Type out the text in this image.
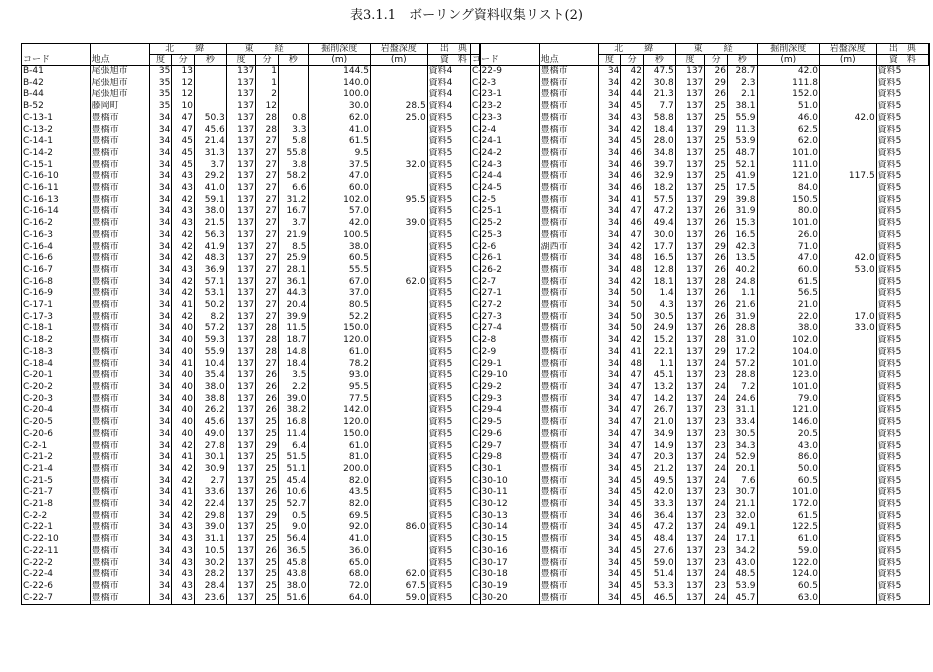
表3.1.1　ボーリング資料収集リスト(2)
コード	地点	北　緯			東　経			掘削深度	岩盤深度	出　典
		度	分	秒	度	分	秒	(m)	(m)	資　料
B-41	尾張旭市	35	13		137	1		144.5		資料4
B-42	尾張旭市	35	12		137	1		140.0		資料4
B-44	尾張旭市	35	12		137	2		100.0		資料4
B-52	藤岡町	35	10		137	12		30.0	28.5	資料4
C-13-1	豊橋市	34	47	50.3	137	28	0.8	62.0	25.0	資料5
C-13-2	豊橋市	34	47	45.6	137	28	3.3	41.0		資料5
C-14-1	豊橋市	34	45	21.4	137	27	5.8	61.5		資料5
C-14-2	豊橋市	34	45	31.3	137	27	55.8	9.5		資料5
C-15-1	豊橋市	34	45	3.7	137	27	3.8	37.5	32.0	資料5
C-16-10	豊橋市	34	43	29.2	137	27	58.2	47.0		資料5
C-16-11	豊橋市	34	43	41.0	137	27	6.6	60.0		資料5
C-16-13	豊橋市	34	42	59.1	137	27	31.2	102.0	95.5	資料5
C-16-14	豊橋市	34	43	38.0	137	27	16.7	57.0		資料5
C-16-2	豊橋市	34	43	21.5	137	27	3.7	42.0	39.0	資料5
C-16-3	豊橋市	34	42	56.3	137	27	21.9	100.5		資料5
C-16-4	豊橋市	34	42	41.9	137	27	8.5	38.0		資料5
C-16-6	豊橋市	34	42	48.3	137	27	25.9	60.5		資料5
C-16-7	豊橋市	34	43	36.9	137	27	28.1	55.5		資料5
C-16-8	豊橋市	34	42	57.1	137	27	36.1	67.0	62.0	資料5
C-16-9	豊橋市	34	42	53.1	137	27	44.3	37.0		資料5
C-17-1	豊橋市	34	41	50.2	137	27	20.4	80.5		資料5
C-17-3	豊橋市	34	42	8.2	137	27	39.9	52.2		資料5
C-18-1	豊橋市	34	40	57.2	137	28	11.5	150.0		資料5
C-18-2	豊橋市	34	40	59.3	137	28	18.7	120.0		資料5
C-18-3	豊橋市	34	40	55.9	137	28	14.8	61.0		資料5
C-18-4	豊橋市	34	41	10.4	137	27	18.4	78.2		資料5
C-20-1	豊橋市	34	40	35.4	137	26	3.5	93.0		資料5
C-20-2	豊橋市	34	40	38.0	137	26	2.2	95.5		資料5
C-20-3	豊橋市	34	40	38.8	137	26	39.0	77.5		資料5
C-20-4	豊橋市	34	40	26.2	137	26	38.2	142.0		資料5
C-20-5	豊橋市	34	40	45.6	137	25	16.8	120.0		資料5
C-20-6	豊橋市	34	40	49.0	137	25	11.4	150.0		資料5
C-2-1	豊橋市	34	42	27.8	137	29	6.4	61.0		資料5
C-21-2	豊橋市	34	41	30.1	137	25	51.5	81.0		資料5
C-21-4	豊橋市	34	42	30.9	137	25	51.1	200.0		資料5
C-21-5	豊橋市	34	42	2.7	137	25	45.4	82.0		資料5
C-21-7	豊橋市	34	41	33.6	137	26	10.6	43.5		資料5
C-21-8	豊橋市	34	42	22.4	137	25	52.7	82.0		資料5
C-2-2	豊橋市	34	42	29.8	137	29	0.5	69.5		資料5
C-22-1	豊橋市	34	43	39.0	137	25	9.0	92.0	86.0	資料5
C-22-10	豊橋市	34	43	31.1	137	25	56.4	41.0		資料5
C-22-11	豊橋市	34	43	10.5	137	26	36.5	36.0		資料5
C-22-2	豊橋市	34	43	30.2	137	25	45.8	65.0		資料5
C-22-4	豊橋市	34	43	28.2	137	25	43.8	68.0	62.0	資料5
C-22-6	豊橋市	34	43	28.4	137	25	38.0	72.0	67.5	資料5
C-22-7	豊橋市	34	43	23.6	137	25	51.6	64.0	59.0	資料5
コード	地点	北　緯			東　経			掘削深度	岩盤深度	出　典
		度	分	秒	度	分	秒	(m)	(m)	資　料
C-22-9	豊橋市	34	42	47.5	137	26	28.7	42.0		資料5
C-2-3	豊橋市	34	42	30.8	137	29	2.3	111.8		資料5
C-23-1	豊橋市	34	44	21.3	137	26	2.1	152.0		資料5
C-23-2	豊橋市	34	45	7.7	137	25	38.1	51.0		資料5
C-23-3	豊橋市	34	43	58.8	137	25	55.9	46.0	42.0	資料5
C-2-4	豊橋市	34	42	18.4	137	29	11.3	62.5		資料5
C-24-1	豊橋市	34	45	28.0	137	25	53.9	62.0		資料5
C-24-2	豊橋市	34	46	34.8	137	25	48.7	101.0		資料5
C-24-3	豊橋市	34	46	39.7	137	25	52.1	111.0		資料5
C-24-4	豊橋市	34	46	32.9	137	25	41.9	121.0	117.5	資料5
C-24-5	豊橋市	34	46	18.2	137	25	17.5	84.0		資料5
C-2-5	豊橋市	34	41	57.5	137	29	39.8	150.5		資料5
C-25-1	豊橋市	34	47	47.2	137	26	31.9	80.0		資料5
C-25-2	豊橋市	34	46	49.4	137	26	15.3	101.0		資料5
C-25-3	豊橋市	34	47	30.0	137	26	16.5	26.0		資料5
C-2-6	湖西市	34	42	17.7	137	29	42.3	71.0		資料5
C-26-1	豊橋市	34	48	16.5	137	26	13.5	47.0	42.0	資料5
C-26-2	豊橋市	34	48	12.8	137	26	40.2	60.0	53.0	資料5
C-2-7	豊橋市	34	42	18.1	137	28	24.8	61.5		資料5
C-27-1	豊橋市	34	50	1.4	137	26	1.1	56.5		資料5
C-27-2	豊橋市	34	50	4.3	137	26	21.6	21.0		資料5
C-27-3	豊橋市	34	50	30.5	137	26	31.9	22.0	17.0	資料5
C-27-4	豊橋市	34	50	24.9	137	26	28.8	38.0	33.0	資料5
C-2-8	豊橋市	34	42	15.2	137	28	31.0	102.0		資料5
C-2-9	豊橋市	34	41	22.1	137	29	17.2	104.0		資料5
C-29-1	豊橋市	34	48	1.1	137	24	57.2	101.0		資料5
C-29-10	豊橋市	34	47	45.1	137	23	28.8	123.0		資料5
C-29-2	豊橋市	34	47	13.2	137	24	7.2	101.0		資料5
C-29-3	豊橋市	34	47	14.2	137	24	24.6	79.0		資料5
C-29-4	豊橋市	34	47	26.7	137	23	31.1	121.0		資料5
C-29-5	豊橋市	34	47	21.0	137	23	33.4	146.0		資料5
C-29-6	豊橋市	34	47	34.9	137	23	30.5	20.5		資料5
C-29-7	豊橋市	34	47	14.9	137	23	34.3	43.0		資料5
C-29-8	豊橋市	34	47	20.3	137	24	52.9	86.0		資料5
C-30-1	豊橋市	34	45	21.2	137	24	20.1	50.0		資料5
C-30-10	豊橋市	34	45	49.5	137	24	7.6	60.5		資料5
C-30-11	豊橋市	34	45	42.0	137	23	30.7	101.0		資料5
C-30-12	豊橋市	34	45	33.3	137	24	21.1	172.0		資料5
C-30-13	豊橋市	34	46	36.4	137	23	32.0	61.5		資料5
C-30-14	豊橋市	34	45	47.2	137	24	49.1	122.5		資料5
C-30-15	豊橋市	34	45	48.4	137	24	17.1	61.0		資料5
C-30-16	豊橋市	34	45	27.6	137	23	34.2	59.0		資料5
C-30-17	豊橋市	34	45	59.0	137	23	43.0	122.0		資料5
C-30-18	豊橋市	34	45	51.4	137	24	48.5	124.0		資料5
C-30-19	豊橋市	34	45	53.3	137	23	53.9	60.5		資料5
C-30-20	豊橋市	34	45	46.5	137	24	45.7	63.0		資料5
